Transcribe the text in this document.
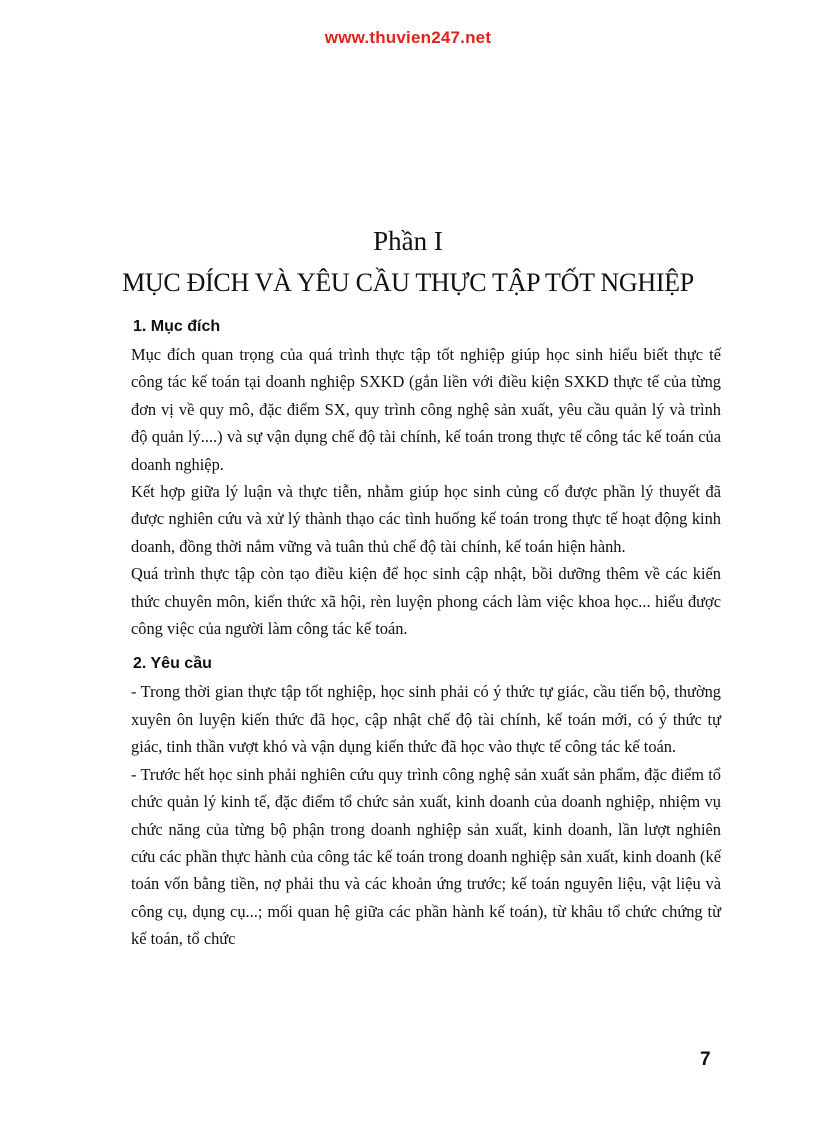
www.thuvien247.net
Phần I
MỤC ĐÍCH VÀ YÊU CẦU THỰC TẬP TỐT NGHIỆP
1. Mục đích

Mục đích quan trọng của quá trình thực tập tốt nghiệp giúp học sinh hiểu biết thực tế công tác kế toán tại doanh nghiệp SXKD (gắn liền với điều kiện SXKD thực tế của từng đơn vị về quy mô, đặc điểm SX, quy trình công nghệ sản xuất, yêu cầu quản lý và trình độ quản lý....) và sự vận dụng chế độ tài chính, kế toán trong thực tế công tác kế toán của doanh nghiệp.

Kết hợp giữa lý luận và thực tiễn, nhằm giúp học sinh củng cố được phần lý thuyết đã được nghiên cứu và xử lý thành thạo các tình huống kế toán trong thực tế hoạt động kinh doanh, đồng thời nắm vững và tuân thủ chế độ tài chính, kế toán hiện hành.

Quá trình thực tập còn tạo điều kiện để học sinh cập nhật, bồi dưỡng thêm về các kiến thức chuyên môn, kiến thức xã hội, rèn luyện phong cách làm việc khoa học... hiểu được công việc của người làm công tác kế toán.

2. Yêu cầu

- Trong thời gian thực tập tốt nghiệp, học sinh phải có ý thức tự giác, cầu tiến bộ, thường xuyên ôn luyện kiến thức đã học, cập nhật chế độ tài chính, kế toán mới, có ý thức tự giác, tinh thần vượt khó và vận dụng kiến thức đã học vào thực tế công tác kế toán.

- Trước hết học sinh phải nghiên cứu quy trình công nghệ sản xuất sản phẩm, đặc điểm tổ chức quản lý kinh tế, đặc điểm tổ chức sản xuất, kinh doanh của doanh nghiệp, nhiệm vụ chức năng của từng bộ phận trong doanh nghiệp sản xuất, kinh doanh, lần lượt nghiên cứu các phần thực hành của công tác kế toán trong doanh nghiệp sản xuất, kinh doanh (kế toán vốn bằng tiền, nợ phải thu và các khoản ứng trước; kế toán nguyên liệu, vật liệu và công cụ, dụng cụ...; mối quan hệ giữa các phần hành kế toán), từ khâu tổ chức chứng từ kế toán, tổ chức

7
